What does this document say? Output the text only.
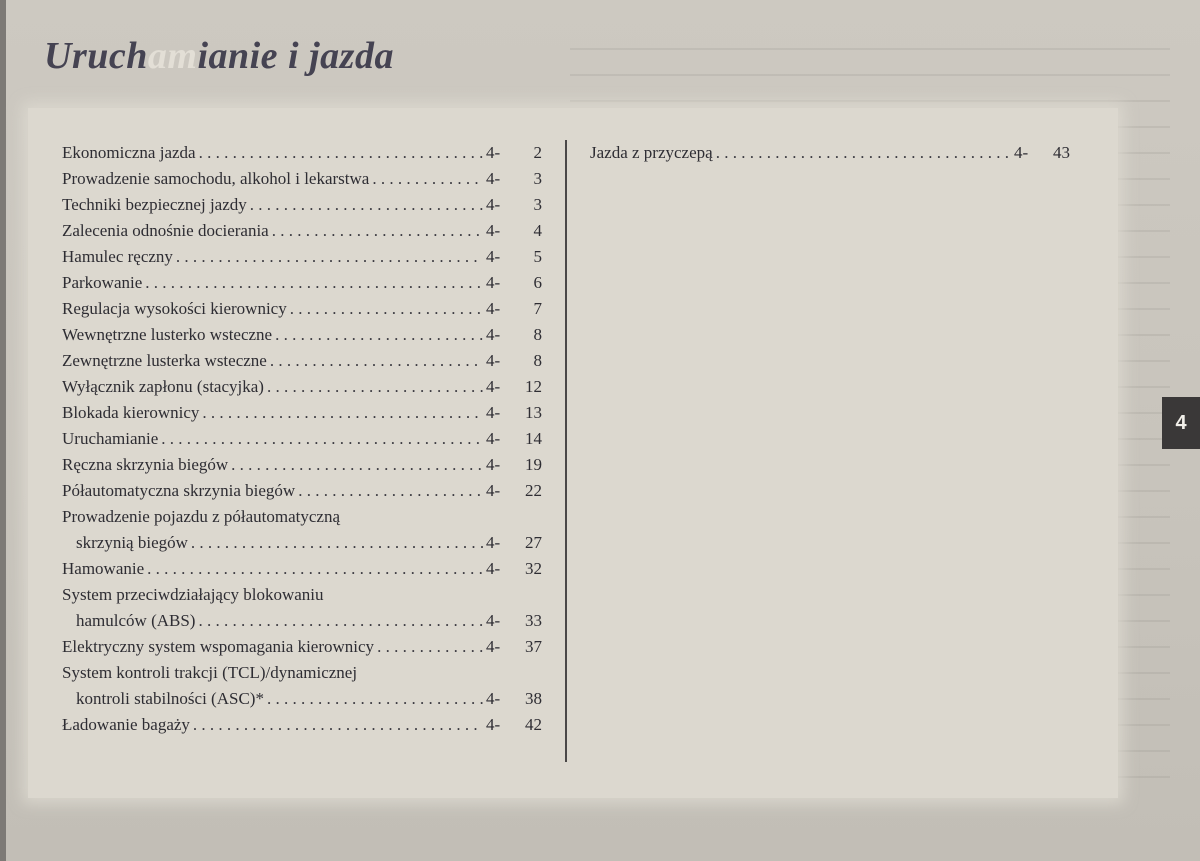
Uruchamianie i jazda
Ekonomiczna jazda . . .	4-	2
Prowadzenie samochodu, alkohol i lekarstwa . . .	4-	3
Techniki bezpiecznej jazdy . . .	4-	3
Zalecenia odnośnie docierania . . .	4-	4
Hamulec ręczny . . .	4-	5
Parkowanie . . .	4-	6
Regulacja wysokości kierownicy . . .	4-	7
Wewnętrzne lusterko wsteczne . . .	4-	8
Zewnętrzne lusterka wsteczne . . .	4-	8
Wyłącznik zapłonu (stacyjka) . . .	4- 12
Blokada kierownicy . . .	4- 13
Uruchamianie . . .	4- 14
Ręczna skrzynia biegów . . .	4- 19
Półautomatyczna skrzynia biegów . . .	4- 22
Prowadzenie pojazdu z półautomatyczną
skrzynią biegów . . .	4- 27
Hamowanie . . .	4- 32
System przeciwdziałający blokowaniu
hamulców (ABS) . . .	4- 33
Elektryczny system wspomagania kierownicy . . .	4- 37
System kontroli trakcji (TCL)/dynamicznej
kontroli stabilności (ASC)* . . .	4- 38
Ładowanie bagaży . . .	4- 42
Jazda z przyczepą . . .	4- 43
4
